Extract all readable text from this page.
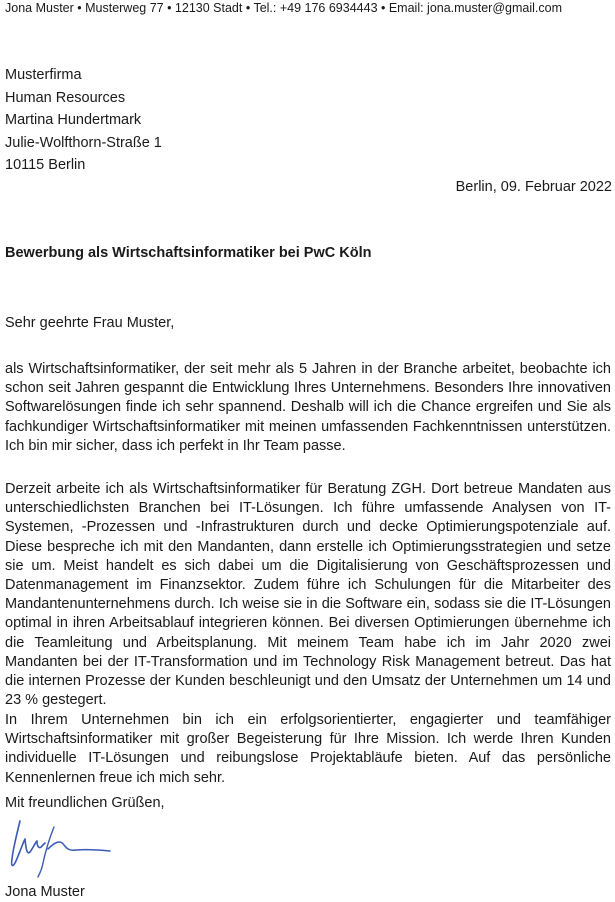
Jona Muster • Musterweg 77 • 12130 Stadt • Tel.: +49 176 6934443 • Email: jona.muster@gmail.com
Musterfirma
Human Resources
Martina Hundertmark
Julie-Wolfthorn-Straße 1
10115 Berlin
Berlin, 09. Februar 2022
Bewerbung als Wirtschaftsinformatiker bei PwC Köln
Sehr geehrte Frau Muster,
als Wirtschaftsinformatiker, der seit mehr als 5 Jahren in der Branche arbeitet, beobachte ich schon seit Jahren gespannt die Entwicklung Ihres Unternehmens. Besonders Ihre innovativen Softwarelösungen finde ich sehr spannend. Deshalb will ich die Chance ergreifen und Sie als fachkundiger Wirtschaftsinformatiker mit meinen umfassenden Fachkenntnissen unterstützen. Ich bin mir sicher, dass ich perfekt in Ihr Team passe.
Derzeit arbeite ich als Wirtschaftsinformatiker für Beratung ZGH. Dort betreue Mandaten aus unterschiedlichsten Branchen bei IT-Lösungen. Ich führe umfassende Analysen von IT-Systemen, -Prozessen und -Infrastrukturen durch und decke Optimierungspotenziale auf. Diese bespreche ich mit den Mandanten, dann erstelle ich Optimierungsstrategien und setze sie um. Meist handelt es sich dabei um die Digitalisierung von Geschäftsprozessen und Datenmanagement im Finanzsektor. Zudem führe ich Schulungen für die Mitarbeiter des Mandantenunternehmens durch. Ich weise sie in die Software ein, sodass sie die IT-Lösungen optimal in ihren Arbeitsablauf integrieren können. Bei diversen Optimierungen übernehme ich die Teamleitung und Arbeitsplanung. Mit meinem Team habe ich im Jahr 2020 zwei Mandanten bei der IT-Transformation und im Technology Risk Management betreut. Das hat die internen Prozesse der Kunden beschleunigt und den Umsatz der Unternehmen um 14 und 23 % gestegert.
In Ihrem Unternehmen bin ich ein erfolgsorientierter, engagierter und teamfähiger Wirtschaftsinformatiker mit großer Begeisterung für Ihre Mission. Ich werde Ihren Kunden individuelle IT-Lösungen und reibungslose Projektabläufe bieten. Auf das persönliche Kennenlernen freue ich mich sehr.
Mit freundlichen Grüßen,
Jona Muster
